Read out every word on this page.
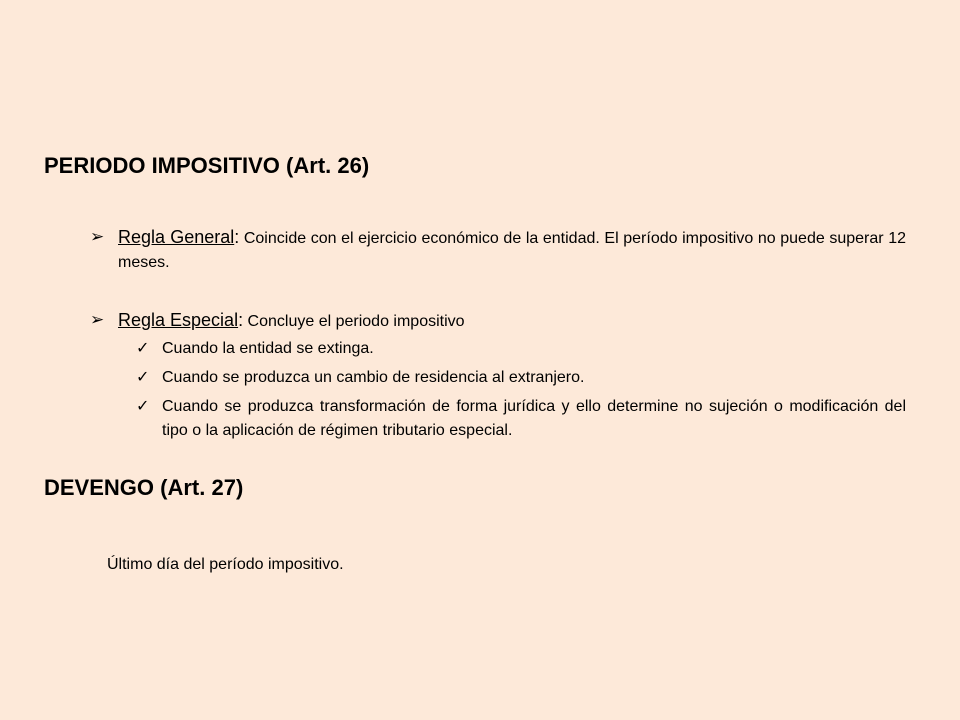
PERIODO IMPOSITIVO (Art. 26)
➢ Regla General: Coincide con el ejercicio económico de la entidad. El período impositivo no puede superar 12 meses.
➢ Regla Especial: Concluye el periodo impositivo
✓ Cuando la entidad se extinga.
✓ Cuando se produzca un cambio de residencia al extranjero.
✓ Cuando se produzca transformación de forma jurídica y ello determine no sujeción o modificación del tipo o la aplicación de régimen tributario especial.
DEVENGO (Art. 27)
Último día del período impositivo.
